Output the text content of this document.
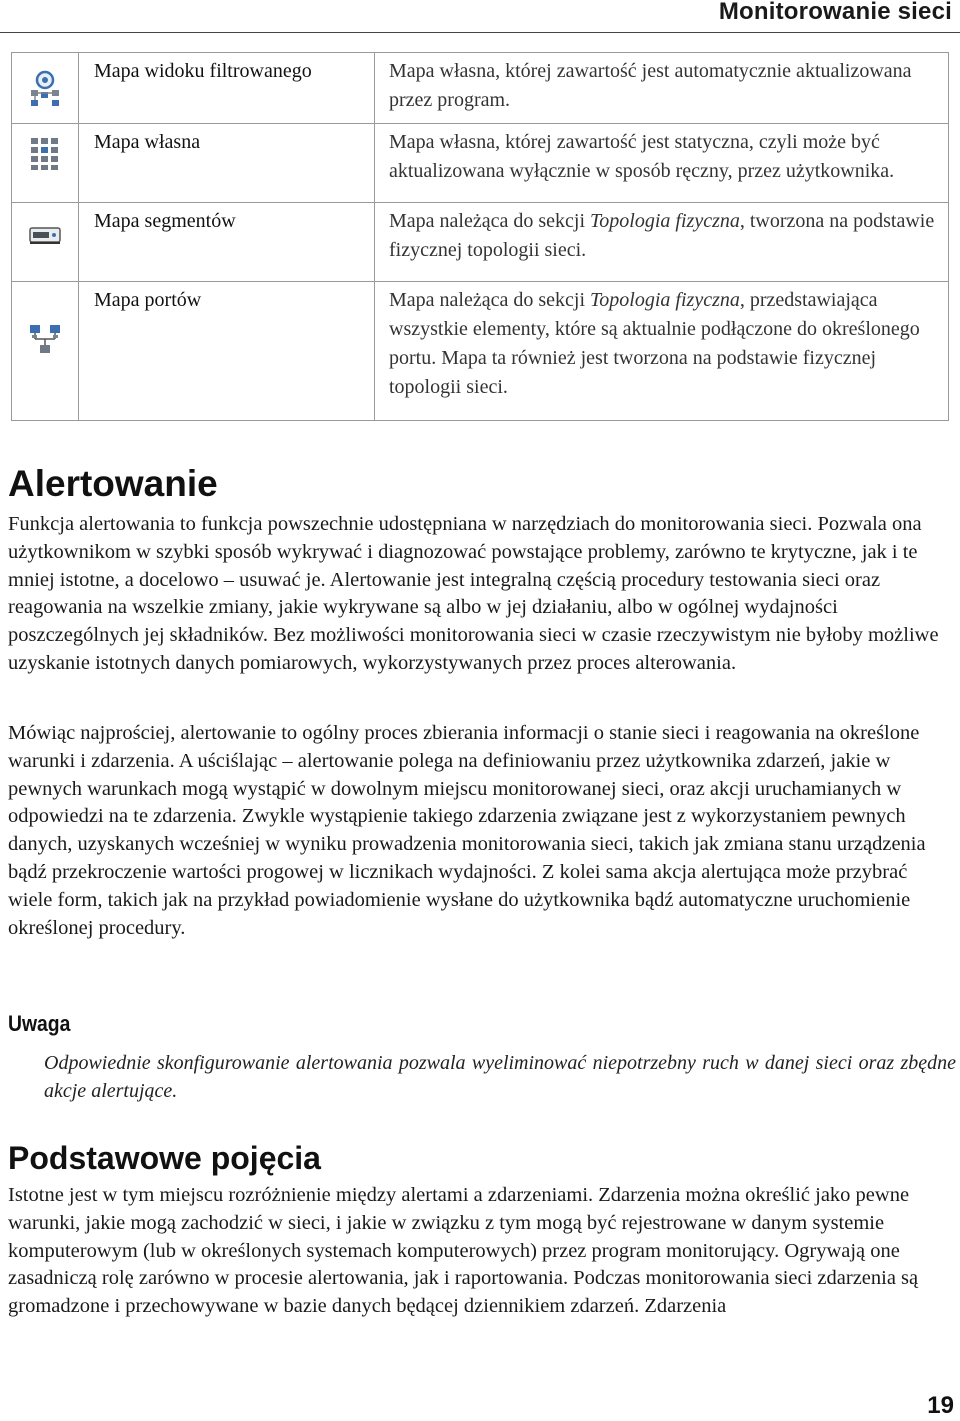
Monitorowanie sieci
	Mapa widoku filtrowanego	Mapa własna, której zawartość jest automatycznie aktualizowana przez program.
	Mapa własna	Mapa własna, której zawartość jest statyczna, czyli może być aktualizowana wyłącznie w sposób ręczny, przez użytkownika.
	Mapa segmentów	Mapa należąca do sekcji Topologia fizyczna, tworzona na podstawie fizycznej topologii sieci.
	Mapa portów	Mapa należąca do sekcji Topologia fizyczna, przedstawiająca wszystkie elementy, które są aktualnie podłączone do określonego portu. Mapa ta również jest tworzona na podstawie fizycznej topologii sieci.
Alertowanie

Funkcja alertowania to funkcja powszechnie udostępniana w narzędziach do monitorowania sieci. Pozwala ona użytkownikom w szybki sposób wykrywać i diagnozować powstające problemy, zarówno te krytyczne, jak i te mniej istotne, a docelowo – usuwać je. Alertowanie jest integralną częścią procedury testowania sieci oraz reagowania na wszelkie zmiany, jakie wykrywane są albo w jej działaniu, albo w ogólnej wydajności poszczególnych jej składników. Bez możliwości monitorowania sieci w czasie rzeczywistym nie byłoby możliwe uzyskanie istotnych danych pomiarowych, wykorzystywanych przez proces alterowania.

Mówiąc najprościej, alertowanie to ogólny proces zbierania informacji o stanie sieci i reagowania na określone warunki i zdarzenia. A uściślając – alertowanie polega na definiowaniu przez użytkownika zdarzeń, jakie w pewnych warunkach mogą wystąpić w dowolnym miejscu monitorowanej sieci, oraz akcji uruchamianych w odpowiedzi na te zdarzenia. Zwykle wystąpienie takiego zdarzenia związane jest z wykorzystaniem pewnych danych, uzyskanych wcześniej w wyniku prowadzenia monitorowania sieci, takich jak zmiana stanu urządzenia bądź przekroczenie wartości progowej w licznikach wydajności. Z kolei sama akcja alertująca może przybrać wiele form, takich jak na przykład powiadomienie wysłane do użytkownika bądź automatyczne uruchomienie określonej procedury.

Uwaga
Odpowiednie skonfigurowanie alertowania pozwala wyeliminować niepotrzebny ruch w danej sieci oraz zbędne akcje alertujące.
Podstawowe pojęcia

Istotne jest w tym miejscu rozróżnienie między alertami a zdarzeniami. Zdarzenia można określić jako pewne warunki, jakie mogą zachodzić w sieci, i jakie w związku z tym mogą być rejestrowane w danym systemie komputerowym (lub w określonych systemach komputerowych) przez program monitorujący. Ogrywają one zasadniczą rolę zarówno w procesie alertowania, jak i raportowania. Podczas monitorowania sieci zdarzenia są gromadzone i przechowywane w bazie danych będącej dziennikiem zdarzeń. Zdarzenia

19
